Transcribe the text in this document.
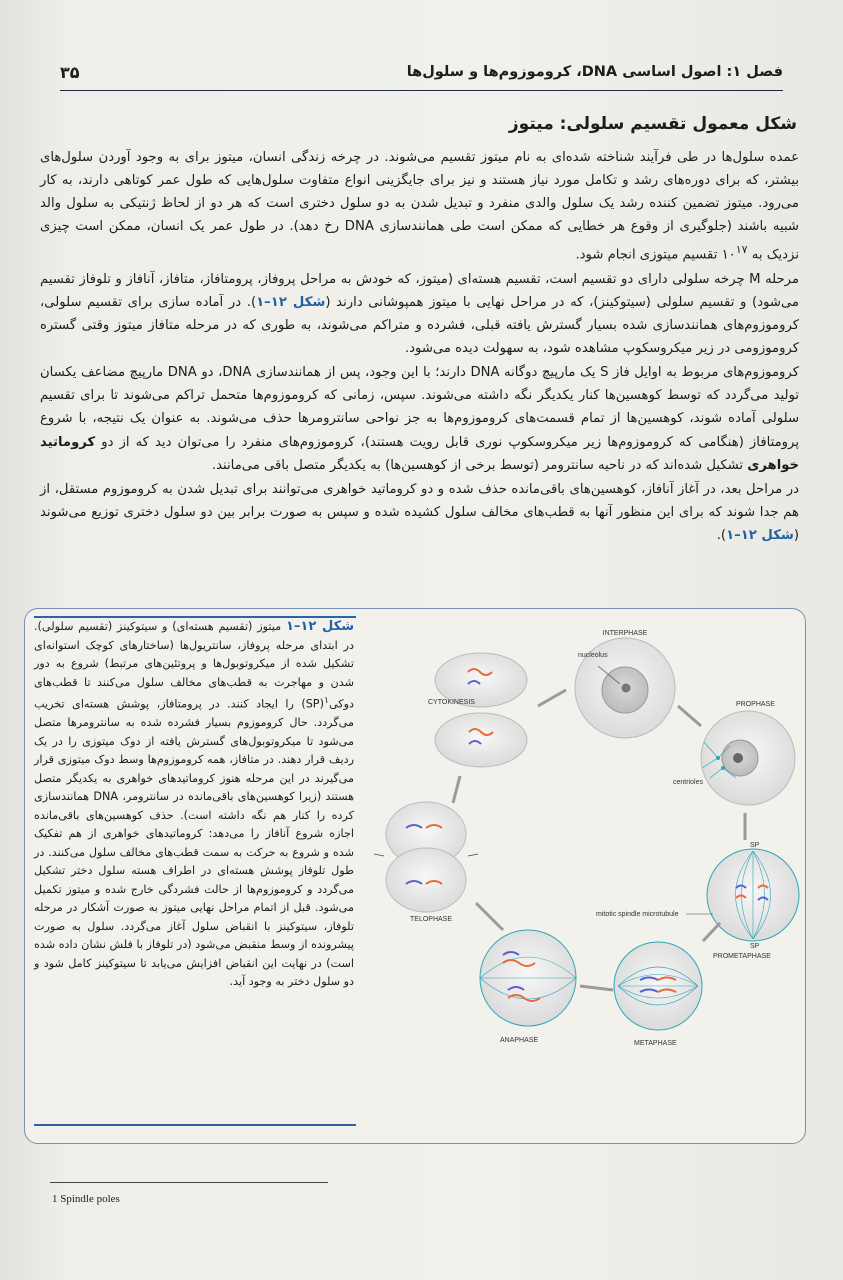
فصل ۱: اصول اساسی DNA، کروموزوم‌ها و سلول‌ها
۳۵
شکل معمول تقسیم سلولی: میتوز

عمده سلول‌ها در طی فرآیند شناخته شده‌ای به نام میتوز تقسیم می‌شوند. در چرخه زندگی انسان، میتوز برای به وجود آوردن سلول‌های بیشتر، که برای دوره‌های رشد و تکامل مورد نیاز هستند و نیز برای جایگزینی انواع متفاوت سلول‌هایی که طول عمر کوتاهی دارند، به کار می‌رود. میتوز تضمین کننده رشد یک سلول والدی منفرد و تبدیل شدن به دو سلول دختری است که هر دو از لحاظ ژنتیکی به سلول والد شبیه باشند (جلوگیری از وقوع هر خطایی که ممکن است طی همانندسازی DNA رخ دهد). در طول عمر یک انسان، ممکن است چیزی نزدیک به $۱۰^{۱۷}$ تقسیم میتوزی انجام شود.

مرحله M چرخه سلولی دارای دو تقسیم است، تقسیم هسته‌ای (میتوز، که خودش به مراحل پروفاز، پرومتافاز، متافاز، آنافاز و تلوفاز تقسیم می‌شود) و تقسیم سلولی (سیتوکینز)، که در مراحل نهایی با میتوز همپوشانی دارند (شکل ۱۲–۱). در آماده سازی برای تقسیم سلولی، کروموزوم‌های همانندسازی شده بسیار گسترش یافته قبلی، فشرده و متراکم می‌شوند، به طوری که در مرحله متافاز میتوز وقتی گستره کروموزومی در زیر میکروسکوپ مشاهده شود، به سهولت دیده می‌شود.

کروموزوم‌های مربوط به اوایل فاز S یک مارپیچ دوگانه DNA دارند؛ با این وجود، پس از همانندسازی DNA، دو DNA مارپیچ مضاعف یکسان تولید می‌گردد که توسط کوهسین‌ها کنار یکدیگر نگه داشته می‌شوند. سپس، زمانی که کروموزوم‌ها متحمل تراکم می‌شوند تا برای تقسیم سلولی آماده شوند، کوهسین‌ها از تمام قسمت‌های کروموزوم‌ها به جز نواحی سانترومرها حذف می‌شوند. به عنوان یک نتیجه، با شروع پرومتافاز (هنگامی که کروموزوم‌ها زیر میکروسکوپ نوری قابل رویت هستند)، کروموزوم‌های منفرد را می‌توان دید که از دو کروماتید خواهری تشکیل شده‌اند که در ناحیه سانترومر (توسط برخی از کوهسین‌ها) به یکدیگر متصل باقی می‌مانند.

در مراحل بعد، در آغاز آنافاز، کوهسین‌های باقی‌مانده حذف شده و دو کروماتید خواهری می‌توانند برای تبدیل شدن به کروموزوم مستقل، از هم جدا شوند که برای این منظور آنها به قطب‌های مخالف سلول کشیده شده و سپس به صورت برابر بین دو سلول دختری توزیع می‌شوند (شکل ۱۲–۱).

شکل ۱۲–۱ میتوز (تقسیم هسته‌ای) و سیتوکینز (تقسیم سلولی). در ابتدای مرحله پروفاز، سانتریول‌ها (ساختارهای کوچک استوانه‌ای تشکیل شده از میکروتوبول‌ها و پروتئین‌های مرتبط) شروع به دور شدن و مهاجرت به قطب‌های مخالف سلول می‌کنند تا قطب‌های دوکی$^۱$(SP) را ایجاد کنند. در پرومتافاز، پوشش هسته‌ای تخریب می‌گردد. حال کروموزوم بسیار فشرده شده به سانترومرها متصل می‌شود تا میکروتوبول‌های گسترش یافته از دوک میتوزی را در یک ردیف قرار دهند. در متافاز، همه کروموزوم‌ها وسط دوک میتوزی قرار می‌گیرند در این مرحله هنوز کروماتیدهای خواهری به یکدیگر متصل هستند (زیرا کوهسین‌های باقی‌مانده در سانترومر، DNA همانندسازی کرده را کنار هم نگه داشته است). حذف کوهسین‌های باقی‌مانده اجازه شروع آنافاز را می‌دهد: کروماتیدهای خواهری از هم تفکیک شده و شروع به حرکت به سمت قطب‌های مخالف سلول می‌کنند. در طول تلوفاز پوشش هسته‌ای در اطراف هسته سلول دختر تشکیل می‌گردد و کروموزوم‌ها از حالت فشردگی خارج شده و میتوز تکمیل می‌شود. قبل از اتمام مراحل نهایی میتوز به صورت آشکار در مرحله تلوفاز، سیتوکینز با انقباض سلول آغاز می‌گردد. سلول به صورت پیشرونده از وسط منقبض می‌شود (در تلوفاز با فلش نشان داده شده است) در نهایت این انقباض افزایش می‌یابد تا سیتوکینز کامل شود و دو سلول دختر به وجود آید.
INTERPHASE
nucleolus
CYTOKINESIS	PROPHASE
centrioles
SP
SP
mitotic spindle microtubule
PROMETAPHASE
METAPHASE
ANAPHASE
TELOPHASE
1 Spindle poles
